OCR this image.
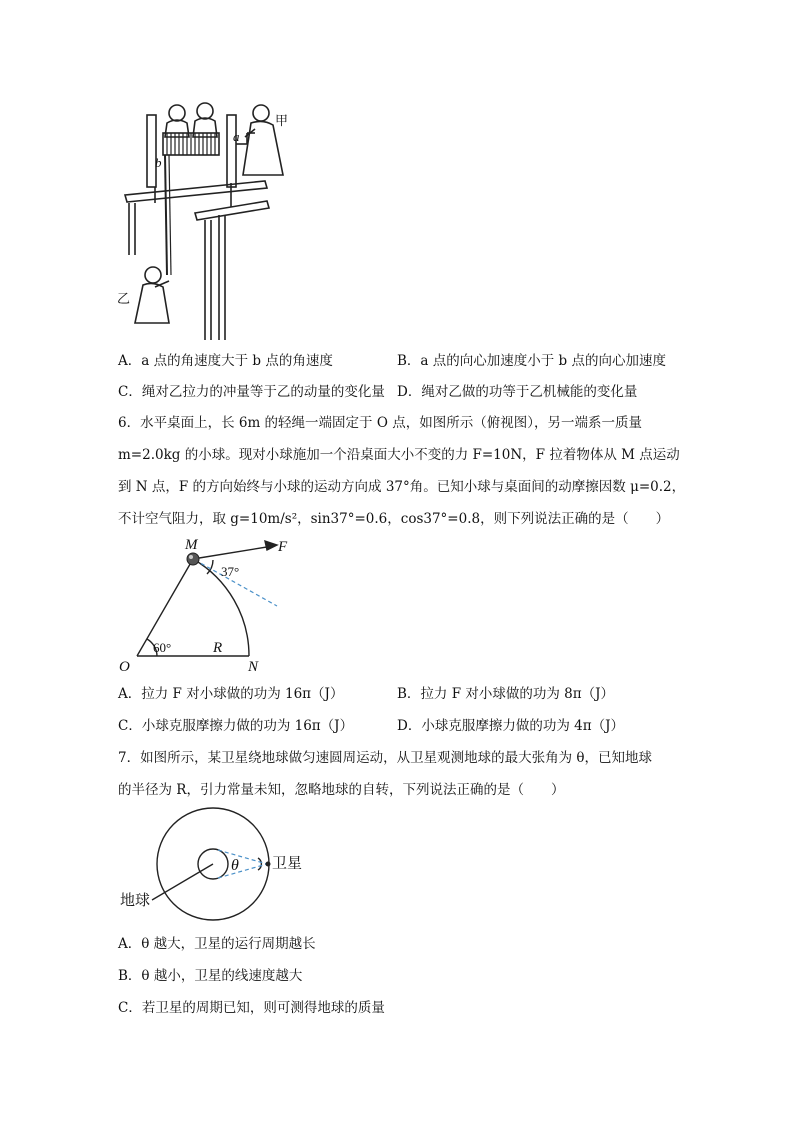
甲
乙
a
b
A．a 点的角速度大于 b 点的角速度	B．a 点的向心加速度小于 b 点的向心加速度
C．绳对乙拉力的冲量等于乙的动量的变化量 D．绳对乙做的功等于乙机械能的变化量
6．水平桌面上，长 6m 的轻绳一端固定于 O 点，如图所示（俯视图），另一端系一质量
m=2.0kg 的小球。现对小球施加一个沿桌面大小不变的力 F=10N，F 拉着物体从 M 点运动
到 N 点，F 的方向始终与小球的运动方向成 37°角。已知小球与桌面间的动摩擦因数 μ=0.2，
不计空气阻力，取 g=10m/s²，sin37°=0.6，cos37°=0.8，则下列说法正确的是（　　）
M	F
37°
60°	R
O	N
A．拉力 F 对小球做的功为 16π（J）	B．拉力 F 对小球做的功为 8π（J）
C．小球克服摩擦力做的功为 16π（J）	D．小球克服摩擦力做的功为 4π（J）
7．如图所示，某卫星绕地球做匀速圆周运动，从卫星观测地球的最大张角为 θ，已知地球
的半径为 R，引力常量未知，忽略地球的自转，下列说法正确的是（　　）
θ 卫星
地球
A．θ 越大，卫星的运行周期越长
B．θ 越小，卫星的线速度越大
C．若卫星的周期已知，则可测得地球的质量
